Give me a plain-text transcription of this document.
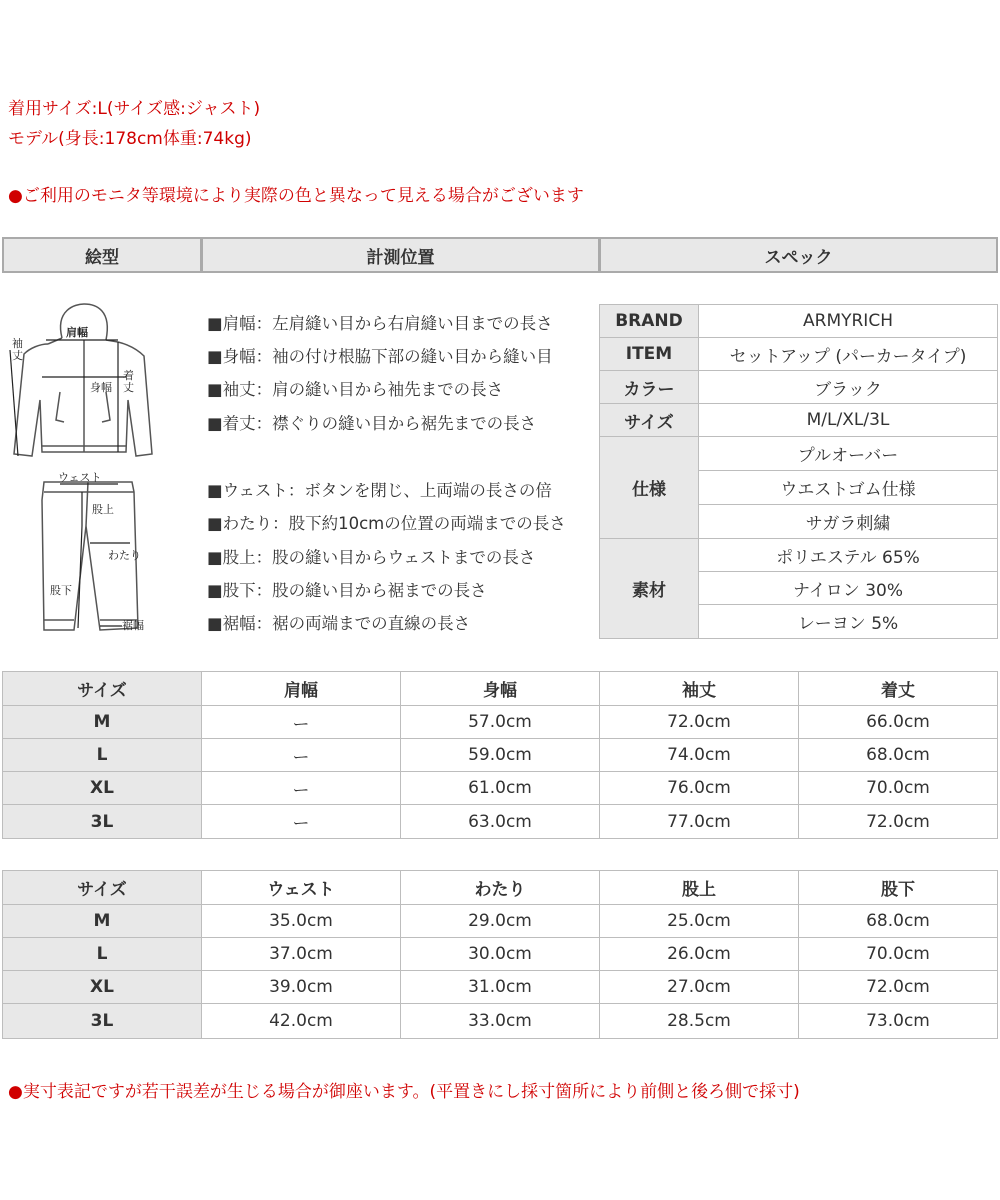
着用サイズ:L(サイズ感:ジャスト)
モデル(身長:178cm体重:74kg)
●ご利用のモニタ等環境により実際の色と異なって見える場合がございます
絵型	計測位置	スペック
肩幅
袖丈
身幅
着丈
ウェスト
股上
わたり
股下
裾幅
■肩幅：左肩縫い目から右肩縫い目までの長さ
■身幅：袖の付け根脇下部の縫い目から縫い目
■袖丈：肩の縫い目から袖先までの長さ
■着丈：襟ぐりの縫い目から裾先までの長さ
■ウェスト：ボタンを閉じ、上両端の長さの倍
■わたり：股下約10cmの位置の両端までの長さ
■股上：股の縫い目からウェストまでの長さ
■股下：股の縫い目から裾までの長さ
■裾幅：裾の両端までの直線の長さ
BRAND	ARMYRICH
ITEM	セットアップ (パーカータイプ)
カラー	ブラック
サイズ	M/L/XL/3L
仕様
プルオーバー
ウエストゴム仕様
サガラ刺繍
素材
ポリエステル 65%
ナイロン 30%
レーヨン 5%
サイズ	肩幅	身幅	袖丈	着丈
M	ー	57.0cm	72.0cm	66.0cm
L	ー	59.0cm	74.0cm	68.0cm
XL	ー	61.0cm	76.0cm	70.0cm
3L	ー	63.0cm	77.0cm	72.0cm
サイズ	ウェスト	わたり	股上	股下
M	35.0cm	29.0cm	25.0cm	68.0cm
L	37.0cm	30.0cm	26.0cm	70.0cm
XL	39.0cm	31.0cm	27.0cm	72.0cm
3L	42.0cm	33.0cm	28.5cm	73.0cm
●実寸表記ですが若干誤差が生じる場合が御座います。(平置きにし採寸箇所により前側と後ろ側で採寸)
